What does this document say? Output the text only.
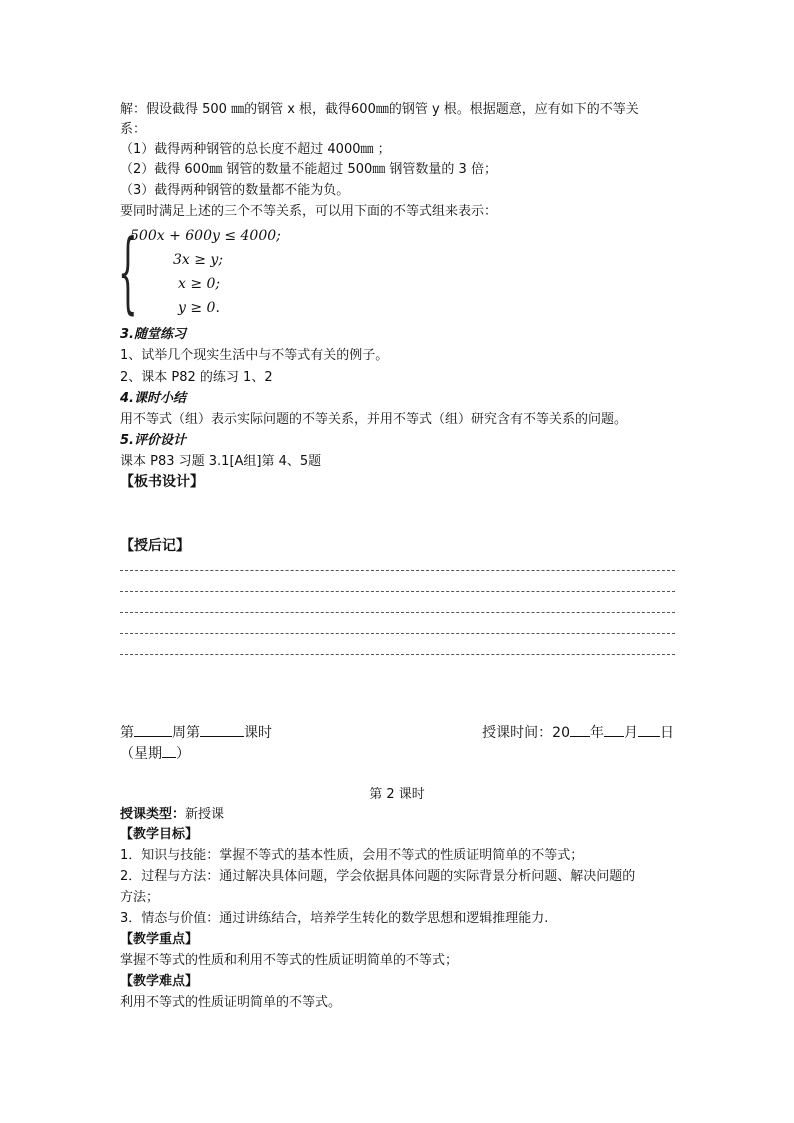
解：假设截得 500 ㎜的钢管 x 根，截得600㎜的钢管 y 根。根据题意，应有如下的不等关
系：
（1）截得两种钢管的总长度不超过 4000㎜ ；
（2）截得 600㎜ 钢管的数量不能超过 500㎜ 钢管数量的 3 倍；
（3）截得两种钢管的数量都不能为负。
要同时满足上述的三个不等关系，可以用下面的不等式组来表示：
{
500x + 600y ≤ 4000;
3x ≥ y;
x ≥ 0;
y ≥ 0.
3.随堂练习
1、试举几个现实生活中与不等式有关的例子。
2、课本 P82 的练习 1、2
4.课时小结
用不等式（组）表示实际问题的不等关系，并用不等式（组）研究含有不等关系的问题。
5.评价设计
课本 P83 习题 3.1[A组]第 4、5题
【板书设计】
【授后记】
第	周第	课时	授课时间：20 年 月 日
（星期 ）
第 2 课时
授课类型：新授课
【教学目标】
1．知识与技能：掌握不等式的基本性质，会用不等式的性质证明简单的不等式；
2．过程与方法：通过解决具体问题，学会依据具体问题的实际背景分析问题、解决问题的
方法；
3．情态与价值：通过讲练结合，培养学生转化的数学思想和逻辑推理能力.
【教学重点】
掌握不等式的性质和利用不等式的性质证明简单的不等式；
【教学难点】
利用不等式的性质证明简单的不等式。
